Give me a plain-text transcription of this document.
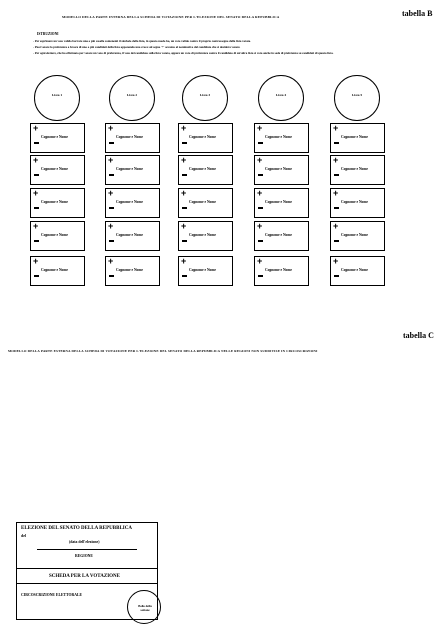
tabella B
MODELLO DELLA PARTE INTERNA DELLA SCHEDA DI VOTAZIONE PER L'ELEZIONE DEL SENATO DELLA REPUBBLICA
ISTRUZIONI
- Per esprimere un voto valido barrare una o più caselle contenenti il simbolo della lista, in questo modo ha, un voto valido contro il proprio contrassegno della lista votata.
- Puoi votare la preferenza a favore di uno o più candidati della lista apponendo una croce sul segno '+' accanto al nominativo del candidato che si desidera votare.
- Per ogni elettore, che ha effettuato per votare un voto di preferenza, il voto del candidato sulla lista votata, appare un voto di preferenza contro il candidato di un'altra lista si vota anche in sede di preferenza su candidati di questa lista.
Lista 1
+
Cognome e Nome
+
Cognome e Nome
+
Cognome e Nome
+
Cognome e Nome
+
Cognome e Nome
Lista 2
+
Cognome e Nome
+
Cognome e Nome
+
Cognome e Nome
+
Cognome e Nome
+
Cognome e Nome
Lista 3
+
Cognome e Nome
+
Cognome e Nome
+
Cognome e Nome
+
Cognome e Nome
+
Cognome e Nome
Lista 4
+
Cognome e Nome
+
Cognome e Nome
+
Cognome e Nome
+
Cognome e Nome
+
Cognome e Nome
Lista 5
+
Cognome e Nome
+
Cognome e Nome
+
Cognome e Nome
+
Cognome e Nome
+
Cognome e Nome
tabella C
MODELLO DELLA PARTE ESTERNA DELLA SCHEDA DI VOTAZIONE PER L'ELEZIONE DEL SENATO DELLA REPUBBLICA NELLE REGIONI NON SUDDIVISE IN CIRCOSCRIZIONI
ELEZIONE DEL SENATO DELLA REPUBBLICA
del
(data dell'elezione)
REGIONE
SCHEDA PER LA VOTAZIONE
CIRCOSCRIZIONE ELETTORALE
Bollo della sezione
